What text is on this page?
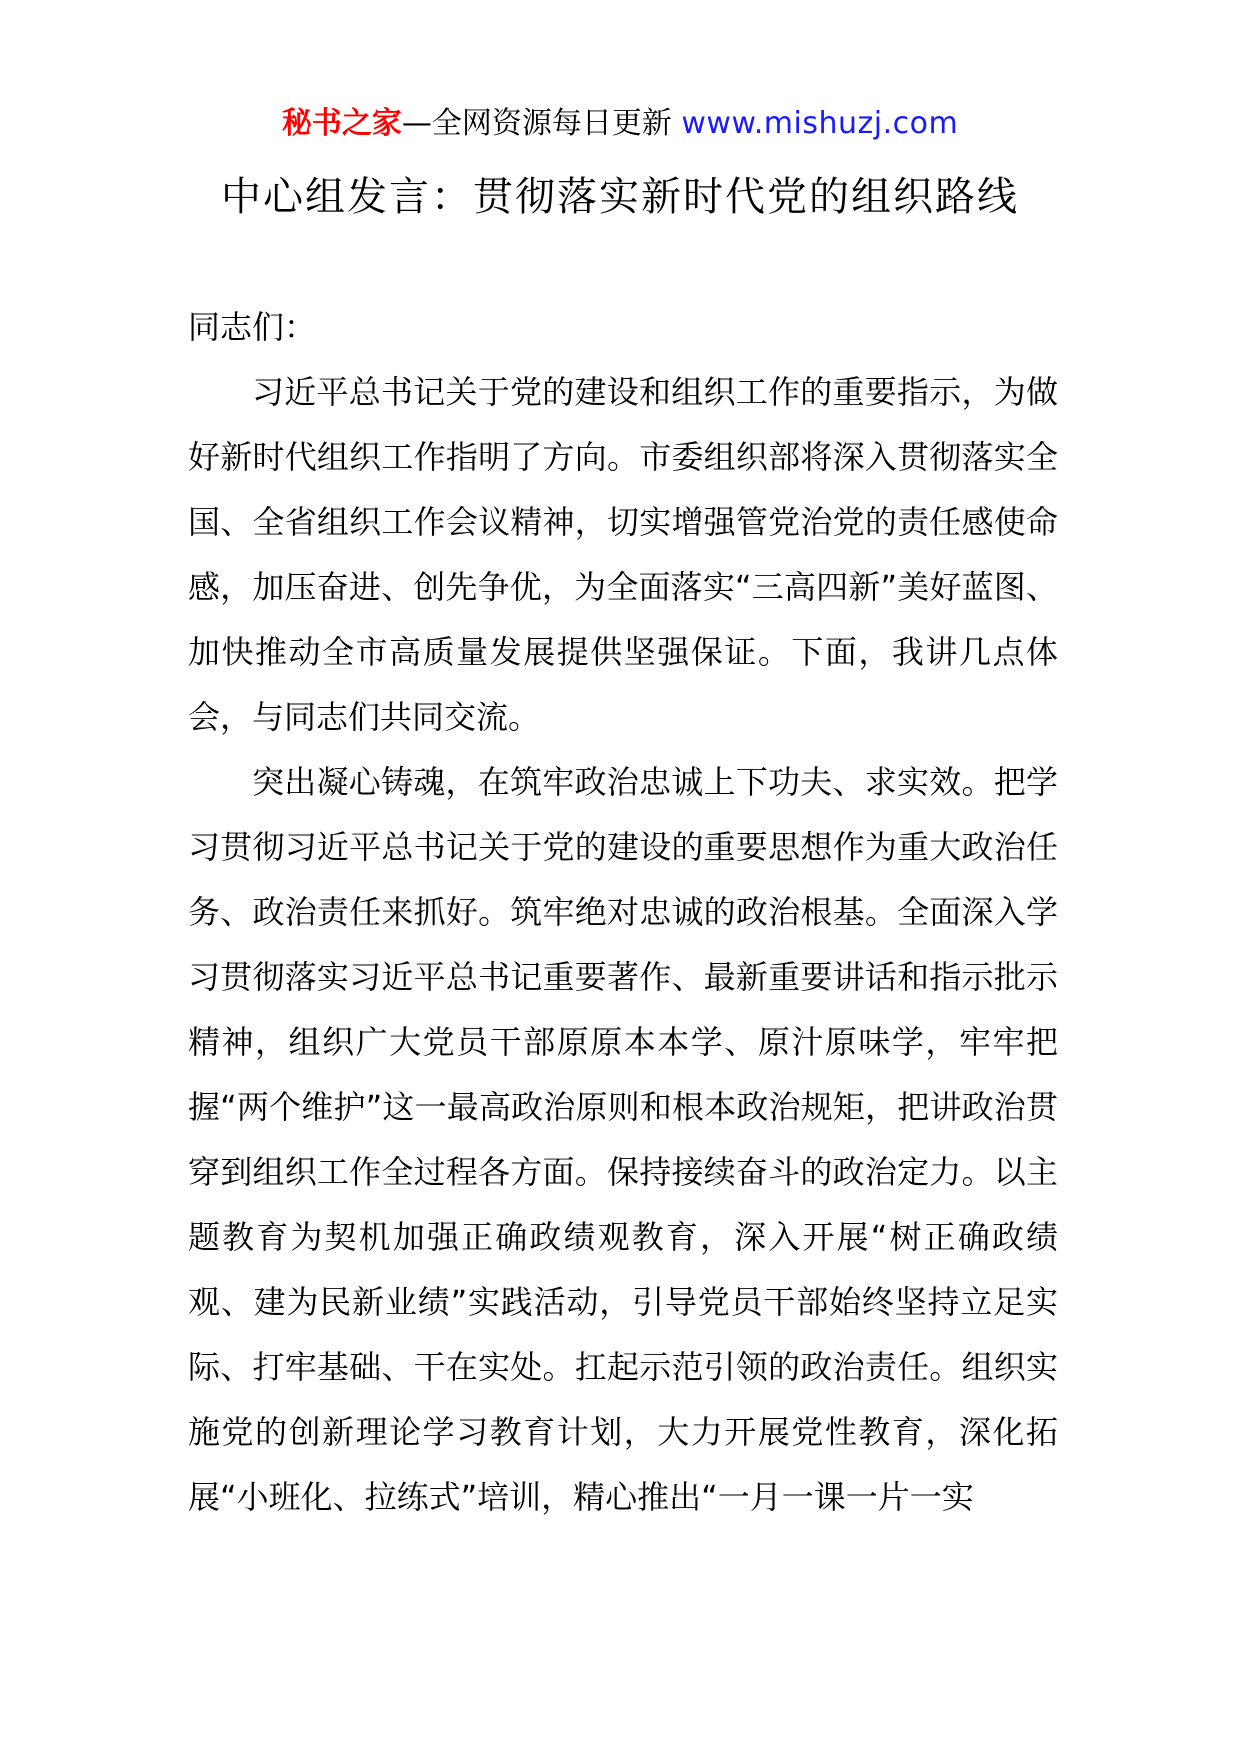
秘书之家—全网资源每日更新 www.mishuzj.com
中心组发言：贯彻落实新时代党的组织路线

同志们：

习近平总书记关于党的建设和组织工作的重要指示，为做好新时代组织工作指明了方向。市委组织部将深入贯彻落实全国、全省组织工作会议精神，切实增强管党治党的责任感使命感，加压奋进、创先争优，为全面落实“三高四新”美好蓝图、加快推动全市高质量发展提供坚强保证。下面，我讲几点体会，与同志们共同交流。

突出凝心铸魂，在筑牢政治忠诚上下功夫、求实效。把学习贯彻习近平总书记关于党的建设的重要思想作为重大政治任务、政治责任来抓好。筑牢绝对忠诚的政治根基。全面深入学习贯彻落实习近平总书记重要著作、最新重要讲话和指示批示精神，组织广大党员干部原原本本学、原汁原味学，牢牢把握“两个维护”这一最高政治原则和根本政治规矩，把讲政治贯穿到组织工作全过程各方面。保持接续奋斗的政治定力。以主题教育为契机加强正确政绩观教育，深入开展“树正确政绩观、建为民新业绩”实践活动，引导党员干部始终坚持立足实际、打牢基础、干在实处。扛起示范引领的政治责任。组织实施党的创新理论学习教育计划，大力开展党性教育，深化拓展“小班化、拉练式”培训，精心推出“一月一课一片一实
